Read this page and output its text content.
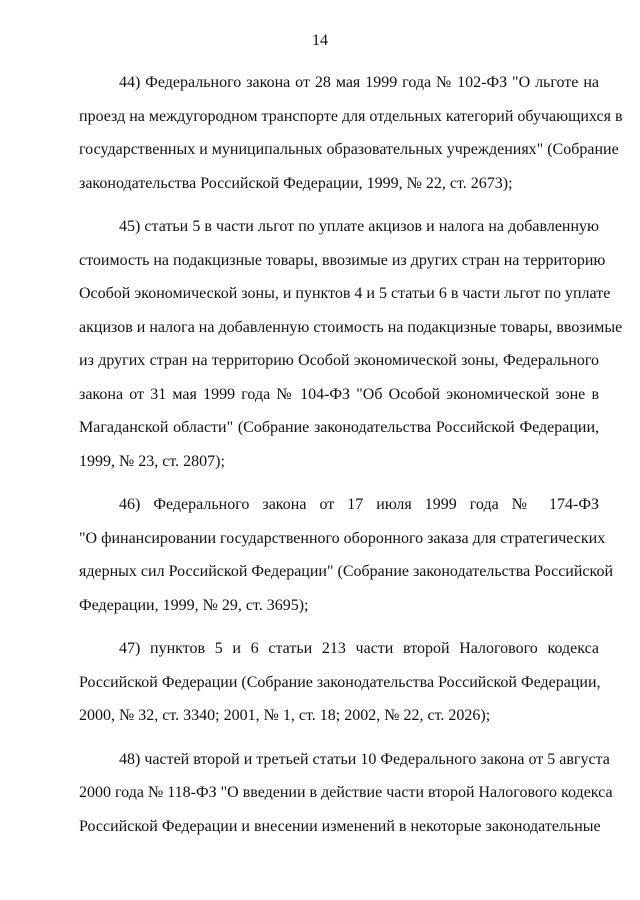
14
44) Федерального закона от 28 мая 1999 года № 102-ФЗ "О льготе на
проезд на междугородном транспорте для отдельных категорий обучающихся в
государственных и муниципальных образовательных учреждениях" (Собрание
законодательства Российской Федерации, 1999, № 22, ст. 2673);
45) статьи 5 в части льгот по уплате акцизов и налога на добавленную
стоимость на подакцизные товары, ввозимые из других стран на территорию
Особой экономической зоны, и пунктов 4 и 5 статьи 6 в части льгот по уплате
акцизов и налога на добавленную стоимость на подакцизные товары, ввозимые
из других стран на территорию Особой экономической зоны, Федерального
закона от 31 мая 1999 года № 104-ФЗ "Об Особой экономической зоне в
Магаданской области" (Собрание законодательства Российской Федерации,
1999, № 23, ст. 2807);
46) Федерального закона от 17 июля 1999 года № 174-ФЗ
"О финансировании государственного оборонного заказа для стратегических
ядерных сил Российской Федерации" (Собрание законодательства Российской
Федерации, 1999, № 29, ст. 3695);
47) пунктов 5 и 6 статьи 213 части второй Налогового кодекса
Российской Федерации (Собрание законодательства Российской Федерации,
2000, № 32, ст. 3340; 2001, № 1, ст. 18; 2002, № 22, ст. 2026);
48) частей второй и третьей статьи 10 Федерального закона от 5 августа
2000 года № 118-ФЗ "О введении в действие части второй Налогового кодекса
Российской Федерации и внесении изменений в некоторые законодательные
